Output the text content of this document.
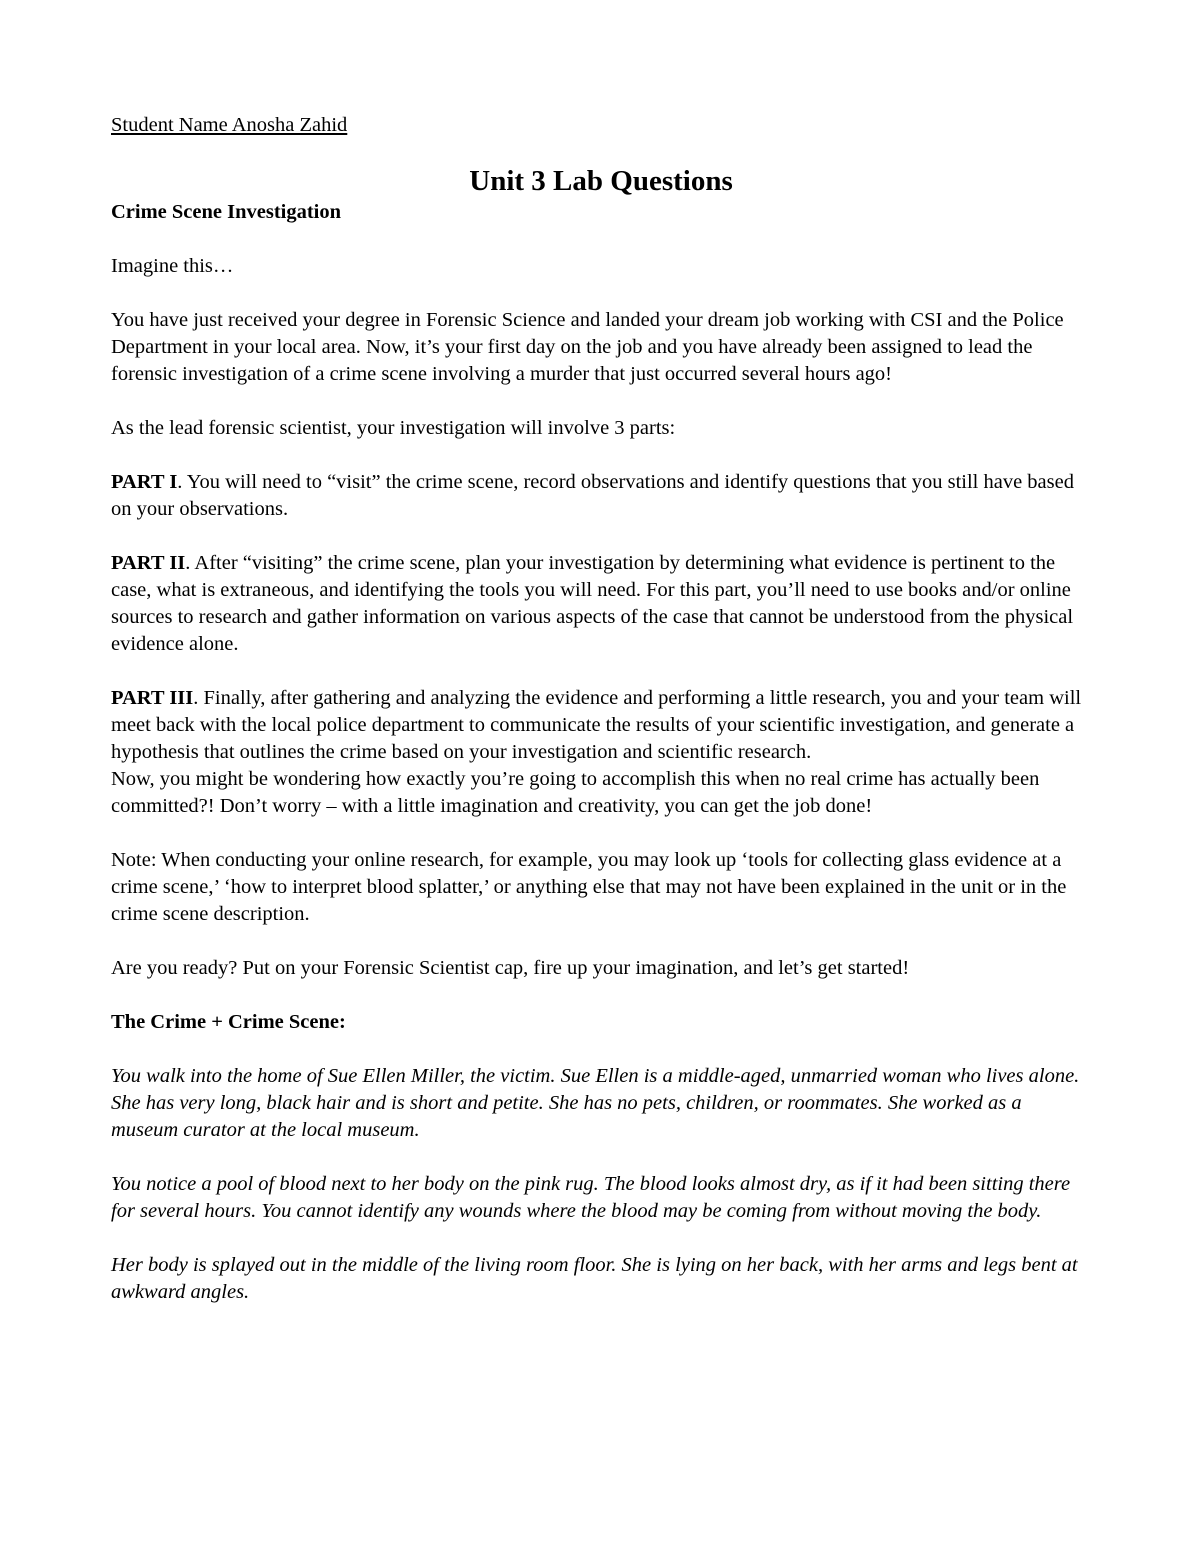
Student Name Anosha Zahid

Unit 3 Lab Questions

Crime Scene Investigation

Imagine this…

You have just received your degree in Forensic Science and landed your dream job working with CSI and the Police Department in your local area. Now, it’s your first day on the job and you have already been assigned to lead the forensic investigation of a crime scene involving a murder that just occurred several hours ago!

As the lead forensic scientist, your investigation will involve 3 parts:

PART I. You will need to “visit” the crime scene, record observations and identify questions that you still have based on your observations.

PART II. After “visiting” the crime scene, plan your investigation by determining what evidence is pertinent to the case, what is extraneous, and identifying the tools you will need. For this part, you’ll need to use books and/or online sources to research and gather information on various aspects of the case that cannot be understood from the physical evidence alone.

PART III. Finally, after gathering and analyzing the evidence and performing a little research, you and your team will meet back with the local police department to communicate the results of your scientific investigation, and generate a hypothesis that outlines the crime based on your investigation and scientific research.

Now, you might be wondering how exactly you’re going to accomplish this when no real crime has actually been committed?! Don’t worry – with a little imagination and creativity, you can get the job done!

Note: When conducting your online research, for example, you may look up ‘tools for collecting glass evidence at a crime scene,’ ‘how to interpret blood splatter,’ or anything else that may not have been explained in the unit or in the crime scene description.

Are you ready? Put on your Forensic Scientist cap, fire up your imagination, and let’s get started!

The Crime + Crime Scene:

You walk into the home of Sue Ellen Miller, the victim. Sue Ellen is a middle-aged, unmarried woman who lives alone. She has very long, black hair and is short and petite. She has no pets, children, or roommates. She worked as a museum curator at the local museum.

You notice a pool of blood next to her body on the pink rug. The blood looks almost dry, as if it had been sitting there for several hours. You cannot identify any wounds where the blood may be coming from without moving the body.

Her body is splayed out in the middle of the living room floor. She is lying on her back, with her arms and legs bent at awkward angles.
